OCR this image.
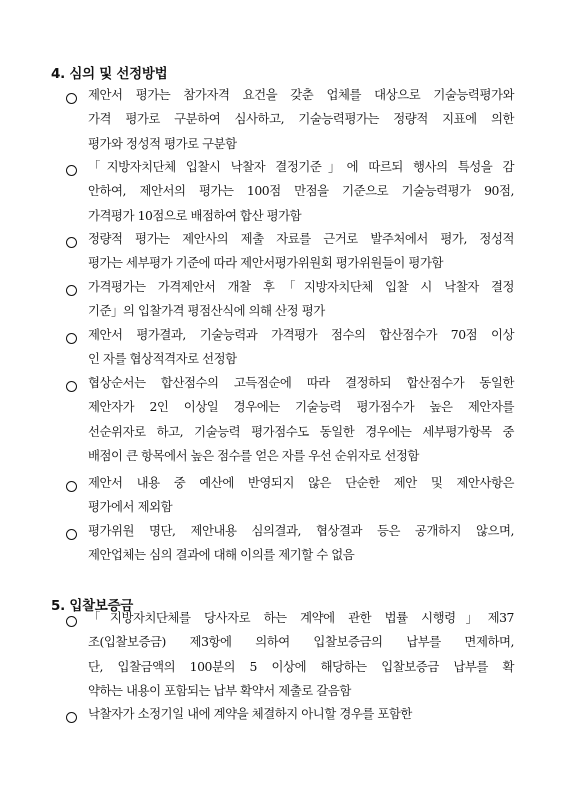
4. 심의 및 선정방법
제안서 평가는 참가자격 요건을 갖춘 업체를 대상으로 기술능력평가와
가격 평가로 구분하여 심사하고, 기술능력평가는 정량적 지표에 의한
평가와 정성적 평가로 구분함
「지방자치단체 입찰시 낙찰자 결정기준」에 따르되 행사의 특성을 감
안하여, 제안서의 평가는 100점 만점을 기준으로 기술능력평가 90점,
가격평가 10점으로 배점하여 합산 평가함
정량적 평가는 제안사의 제출 자료를 근거로 발주처에서 평가, 정성적
평가는 세부평가 기준에 따라 제안서평가위원회 평가위원들이 평가함
가격평가는 가격제안서 개찰 후「지방자치단체 입찰 시 낙찰자 결정
기준」의 입찰가격 평점산식에 의해 산정 평가
제안서 평가결과, 기술능력과 가격평가 점수의 합산점수가 70점 이상
인 자를 협상적격자로 선정함
협상순서는 합산점수의 고득점순에 따라 결정하되 합산점수가 동일한
제안자가 2인 이상일 경우에는 기술능력 평가점수가 높은 제안자를
선순위자로 하고, 기술능력 평가점수도 동일한 경우에는 세부평가항목 중
배점이 큰 항목에서 높은 점수를 얻은 자를 우선 순위자로 선정함
제안서 내용 중 예산에 반영되지 않은 단순한 제안 및 제안사항은
평가에서 제외함
평가위원 명단, 제안내용 심의결과, 협상결과 등은 공개하지 않으며,
제안업체는 심의 결과에 대해 이의를 제기할 수 없음
5. 입찰보증금
「지방자치단체를 당사자로 하는 계약에 관한 법률 시행령」제37
조(입찰보증금) 제3항에 의하여 입찰보증금의 납부를 면제하며,
단, 입찰금액의 100분의 5 이상에 해당하는 입찰보증금 납부를 확
약하는 내용이 포함되는 납부 확약서 제출로 갈음함
낙찰자가 소정기일 내에 계약을 체결하지 아니할 경우를 포함한
